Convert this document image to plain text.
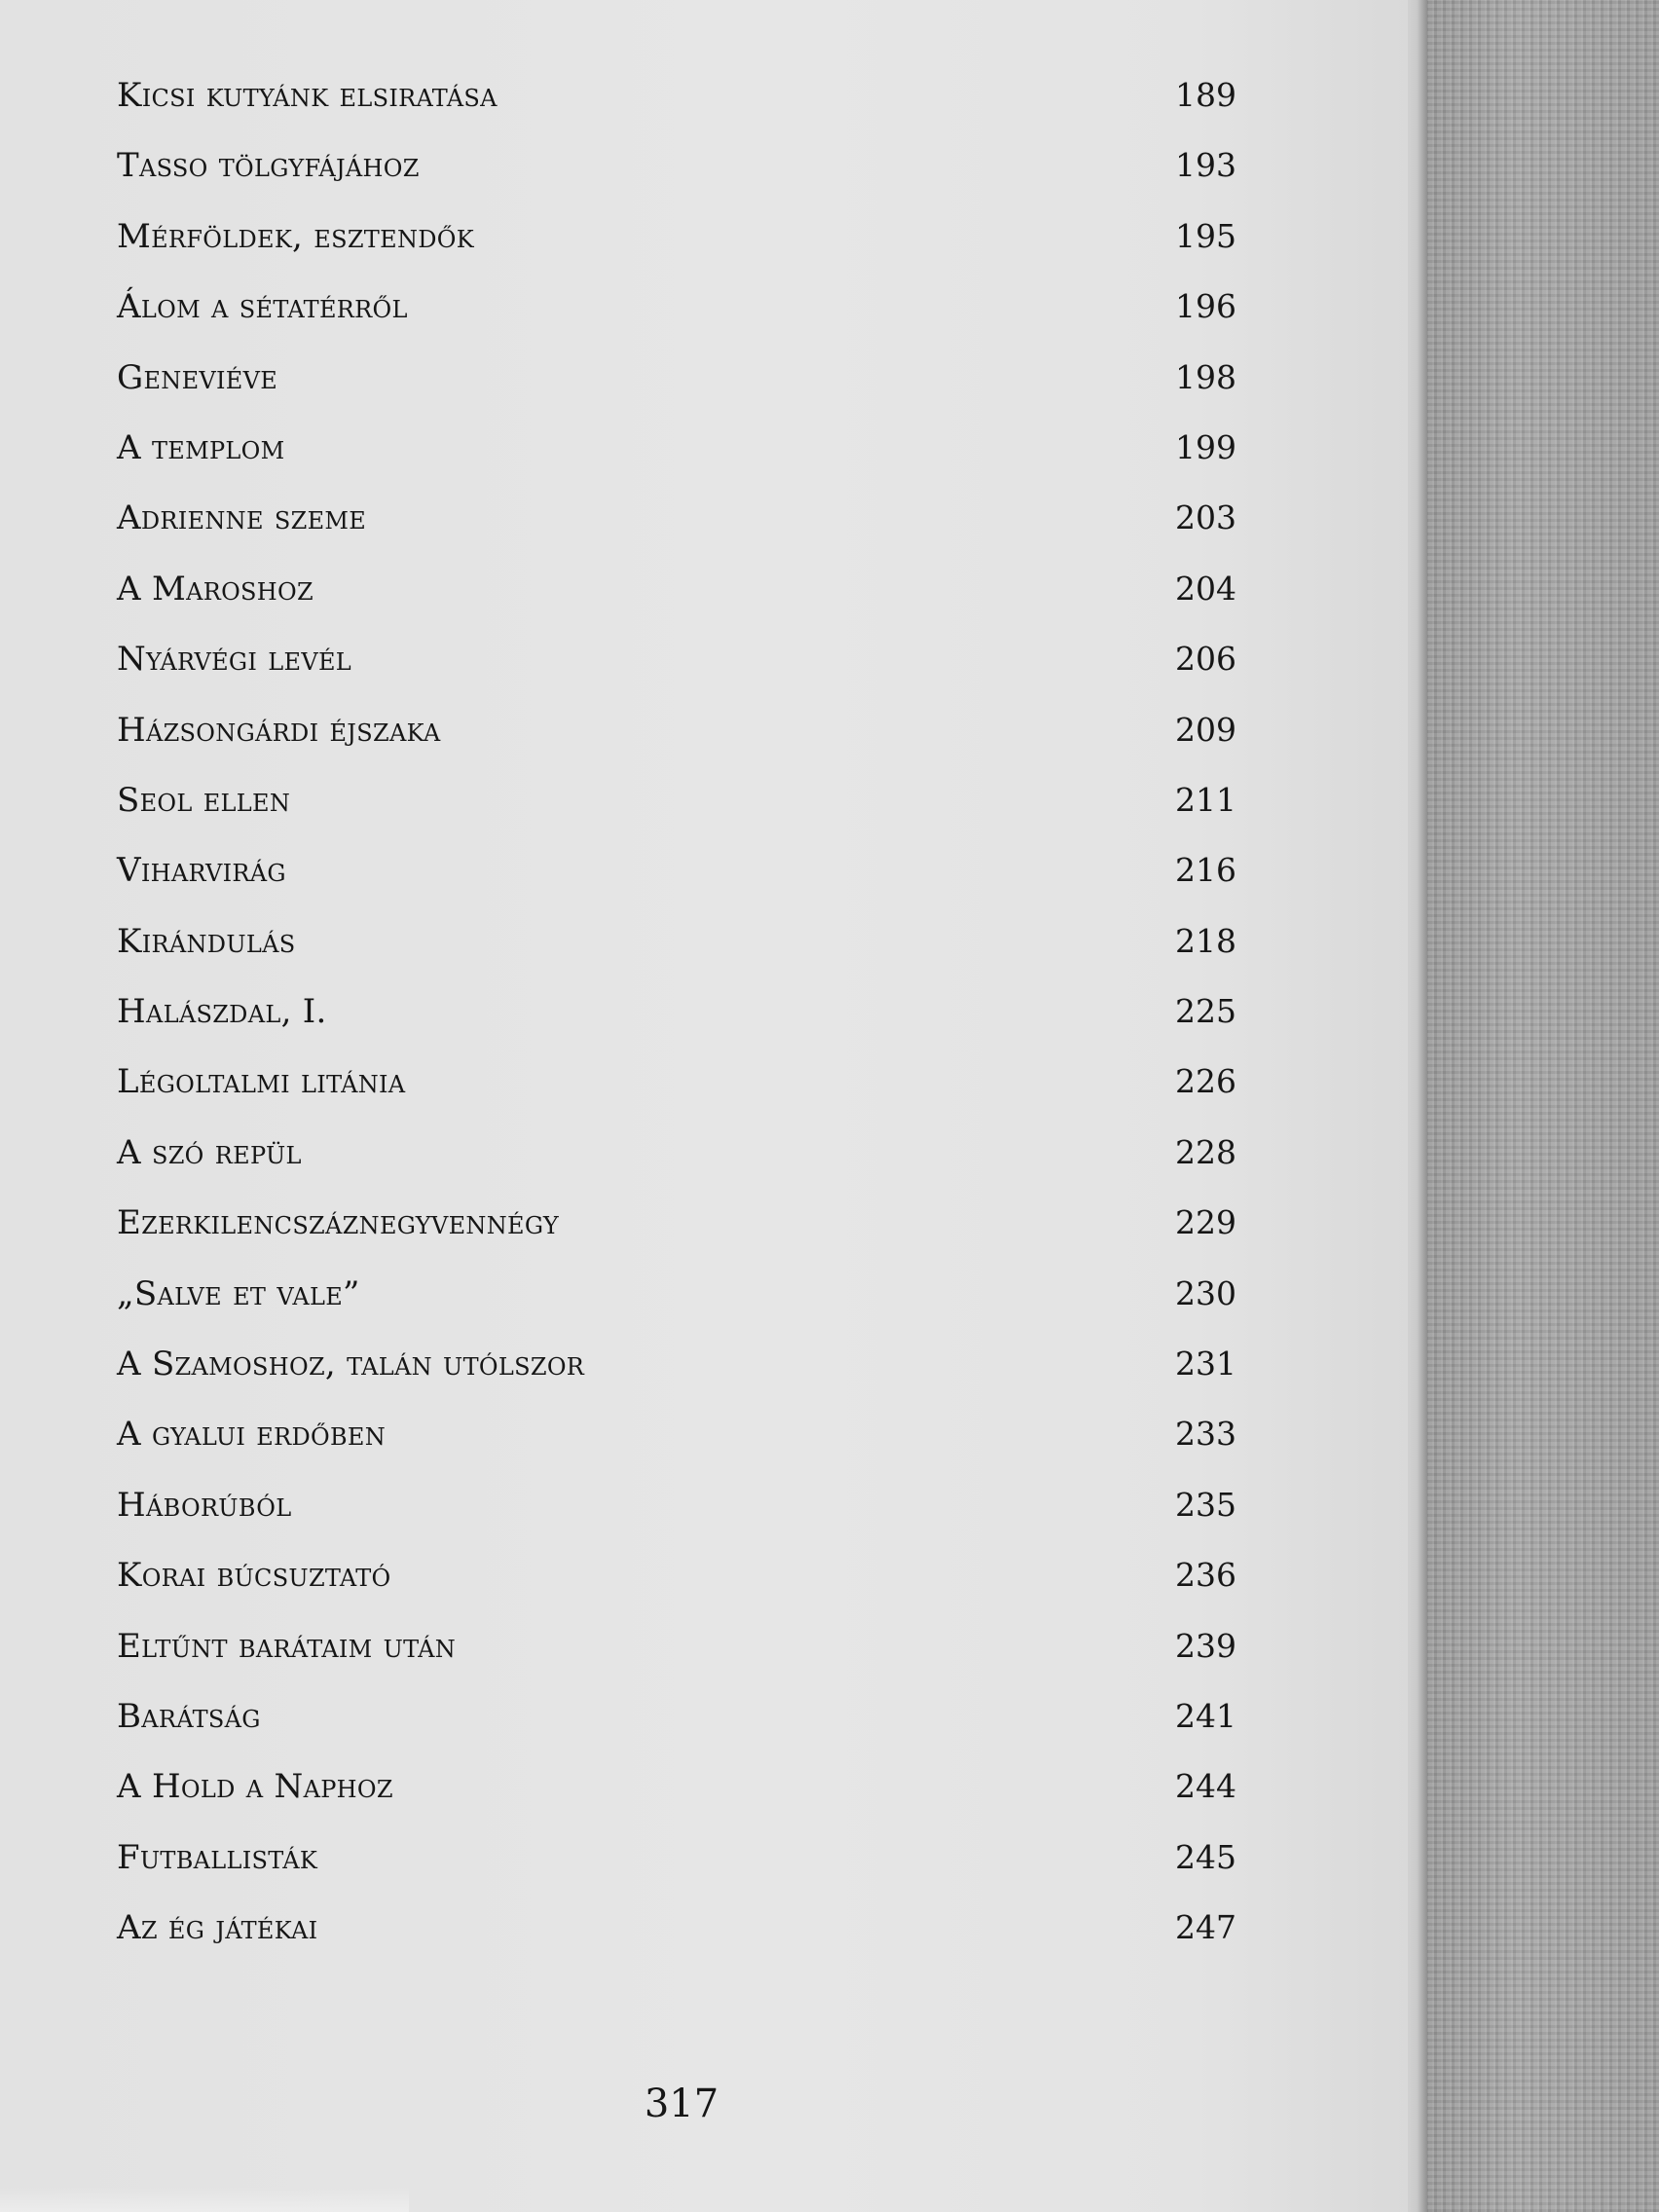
Kicsi kutyánk elsiratása	189
Tasso tölgyfájához	193
Mérföldek, esztendők	195
Álom a sétatérről	196
Geneviéve	198
A templom	199
Adrienne szeme	203
A Maroshoz	204
Nyárvégi levél	206
Házsongárdi éjszaka	209
Seol ellen	211
Viharvirág	216
Kirándulás	218
Halászdal, I.	225
Légoltalmi litánia	226
A szó repül	228
Ezerkilencszáznegyvennégy	229
„Salve et vale”	230
A Szamoshoz, talán utólszor	231
A gyalui erdőben	233
Háborúból	235
Korai búcsuztató	236
Eltűnt barátaim után	239
Barátság	241
A Hold a Naphoz	244
Futballisták	245
Az ég játékai	247
317
